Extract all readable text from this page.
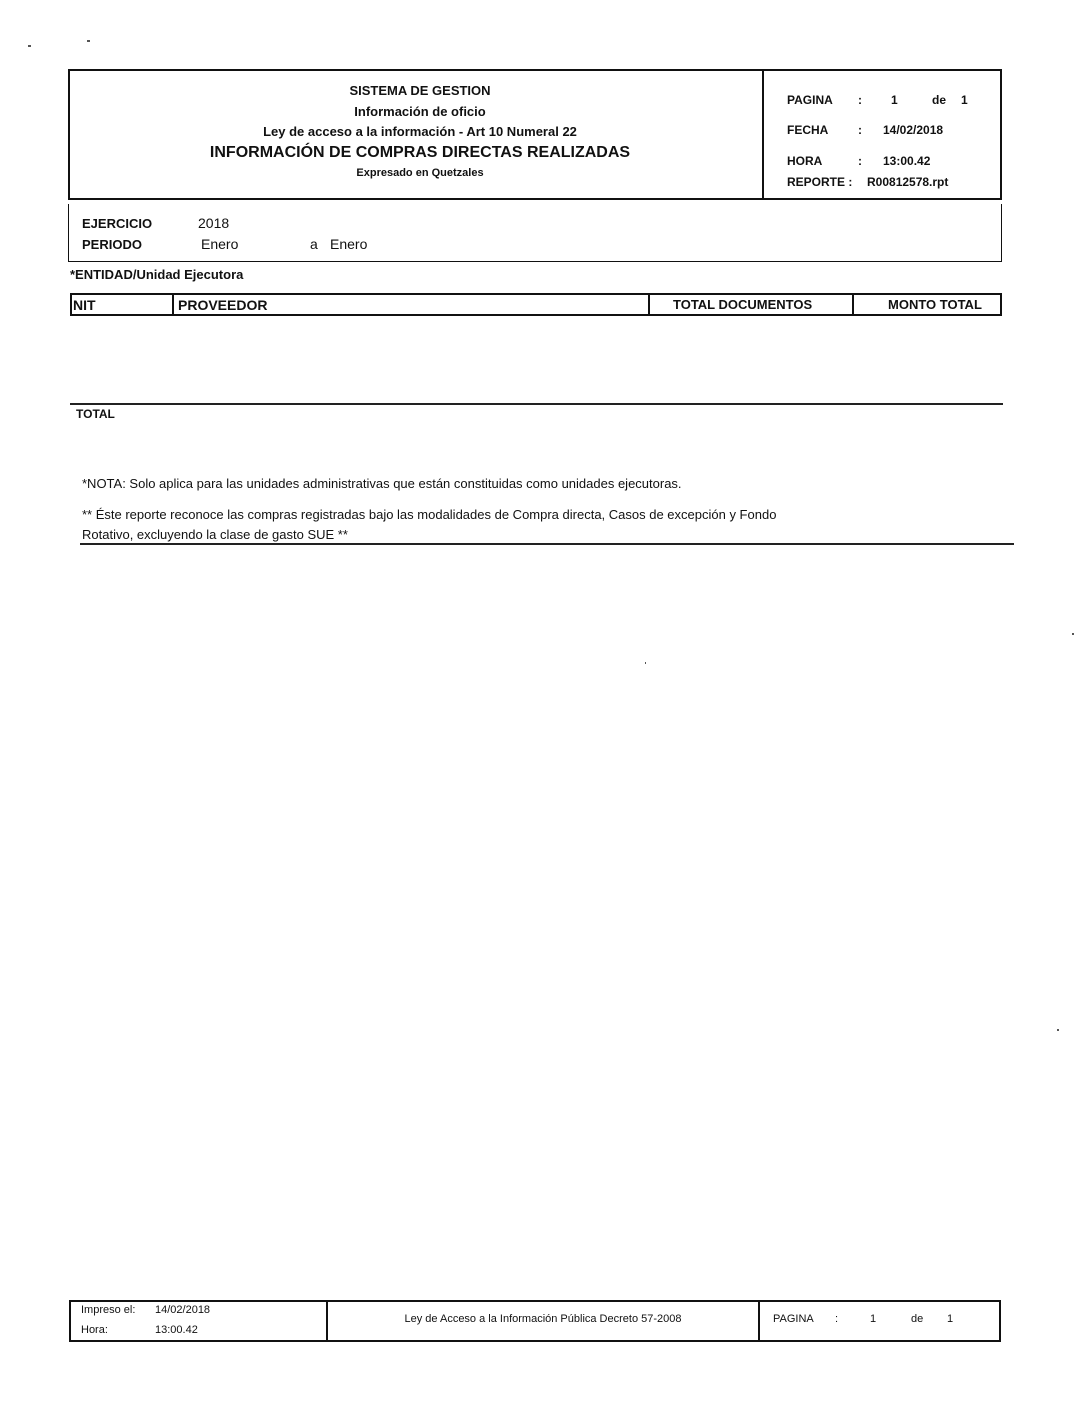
SISTEMA DE GESTION
Información de oficio
Ley de acceso a la información - Art 10 Numeral 22
INFORMACIÓN DE COMPRAS DIRECTAS REALIZADAS
Expresado en Quetzales
PAGINA : 1	de 1
FECHA : 14/02/2018
HORA	: 13:00.42
REPORTE : R00812578.rpt
EJERCICIO	2018
PERIODO	Enero	a Enero
*ENTIDAD/Unidad Ejecutora
NIT	PROVEEDOR	TOTAL DOCUMENTOS	MONTO TOTAL
TOTAL
*NOTA: Solo aplica para las unidades administrativas que están constituidas como unidades ejecutoras.
** Éste reporte reconoce las compras registradas bajo las modalidades de Compra directa, Casos de excepción y Fondo
Rotativo, excluyendo la clase de gasto SUE **
Impreso el: 14/02/2018
Hora:	13:00.42
Ley de Acceso a la Información Pública Decreto 57-2008	PAGINA :	1	de 1
